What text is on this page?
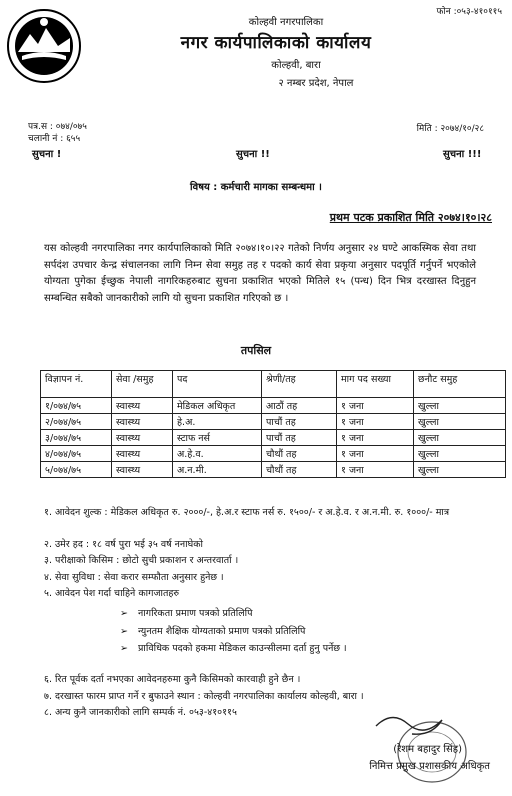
फोन :०५३-४१०११५
कोल्हवी नगरपालिका
नगर कार्यपालिकाको कार्यालय
कोल्हवी, बारा
२ नम्बर प्रदेश, नेपाल
पत्र.स : ०७४/०७५
चलानी नं : ६५५
मिति : २०७४/१०/२८
सुचना !	सुचना !!	सुचना !!!
विषय : कर्मचारी मागका सम्बन्धमा ।
प्रथम पटक प्रकाशित मिति २०७४।१०।२८
यस कोल्हवी नगरपालिका नगर कार्यपालिकाको मिति २०७४।१०।२२ गतेको निर्णय अनुसार २४ घण्टे आकस्मिक सेवा तथा सर्पदंश उपचार केन्द्र संचालनका लागि निम्न सेवा समुह तह र पदको कार्य सेवा प्रकृया अनुसार पदपूर्ति गर्नुपर्ने भएकोले योग्यता पुगेका ईच्छुक नेपाली नागरिकहरुबाट सुचना प्रकाशित भएको मितिले १५ (पन्ध) दिन भित्र दरखास्त दिनुहुन सम्बन्धित सबैको जानकारीको लागि यो सुचना प्रकाशित गरिएको छ ।
तपसिल
विज्ञापन नं.	सेवा /समुह	पद	श्रेणी/तह	माग पद सख्या	छनौट समुह
१/०७४/७५	स्वास्थ्य	मेडिकल अधिकृत	आठौं तह	१ जना	खुल्ला
२/०७४/७५	स्वास्थ्य	हे.अ.	पाचौं तह	१ जना	खुल्ला
३/०७४/७५	स्वास्थ्य	स्टाफ नर्स	पाचौं तह	१ जना	खुल्ला
४/०७४/७५	स्वास्थ्य	अ.हे.व.	चौथौं तह	१ जना	खुल्ला
५/०७४/७५	स्वास्थ्य	अ.न.मी.	चौथौं तह	१ जना	खुल्ला
१. आवेदन शुल्क : मेडिकल अधिकृत रु. २०००/-, हे.अ.र स्टाफ नर्स रु. १५००/- र अ.हे.व. र अ.न.मी. रु. १०००/- मात्र
२. उमेर हद : १८ वर्ष पुरा भई ३५ वर्ष ननाघेको
३. परीक्षाको किसिम : छोटो सुची प्रकाशन र अन्तरवार्ता ।
४. सेवा सुविधा : सेवा करार सम्फौता अनुसार हुनेछ ।
५. आवेदन पेश गर्दा चाहिने कागजातहरु
➢ नागरिकता प्रमाण पत्रको प्रतिलिपि
➢ न्युनतम शैक्षिक योग्यताको प्रमाण पत्रको प्रतिलिपि
➢ प्राविधिक पदको हकमा मेडिकल काउन्सीलमा दर्ता हुनु पर्नेछ ।
६. रित पूर्वक दर्ता नभएका आवेदनहरुमा कुनै किसिमको कारवाही हुने छैन ।
७. दरखास्त फारम प्राप्त गर्ने र बुफाउने स्थान : कोल्हवी नगरपालिका कार्यालय कोल्हवी, बारा ।
८. अन्य कुनै जानकारीको लागि सम्पर्क नं. ०५३-४१०११५
(रेशम बहादुर सिंह)
निमित्त प्रमुख प्रशासकीय अधिकृत
